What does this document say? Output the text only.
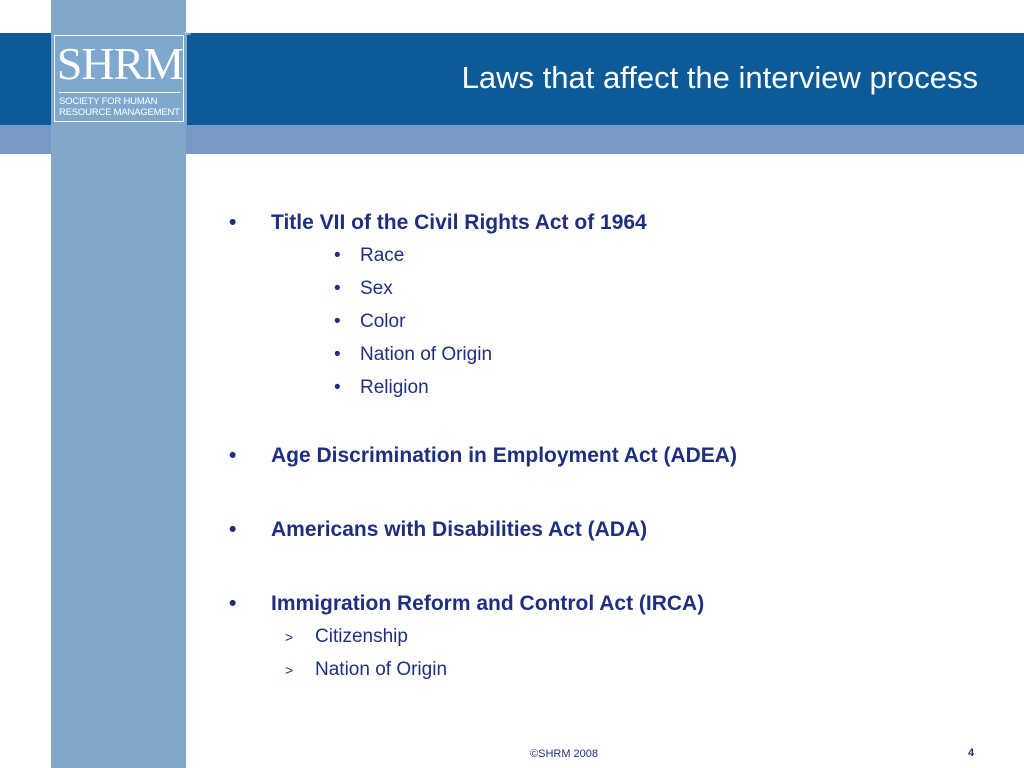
SHRM
SOCIETY FOR HUMAN
RESOURCE MANAGEMENT
™
Laws that affect the interview process
•	Title VII of the Civil Rights Act of 1964
•	Race
•	Sex
•	Color
•	Nation of Origin
•	Religion
•	Age Discrimination in Employment Act (ADEA)
•	Americans with Disabilities Act (ADA)
•	Immigration Reform and Control Act (IRCA)
>	Citizenship
>	Nation of Origin
©SHRM 2008	4
